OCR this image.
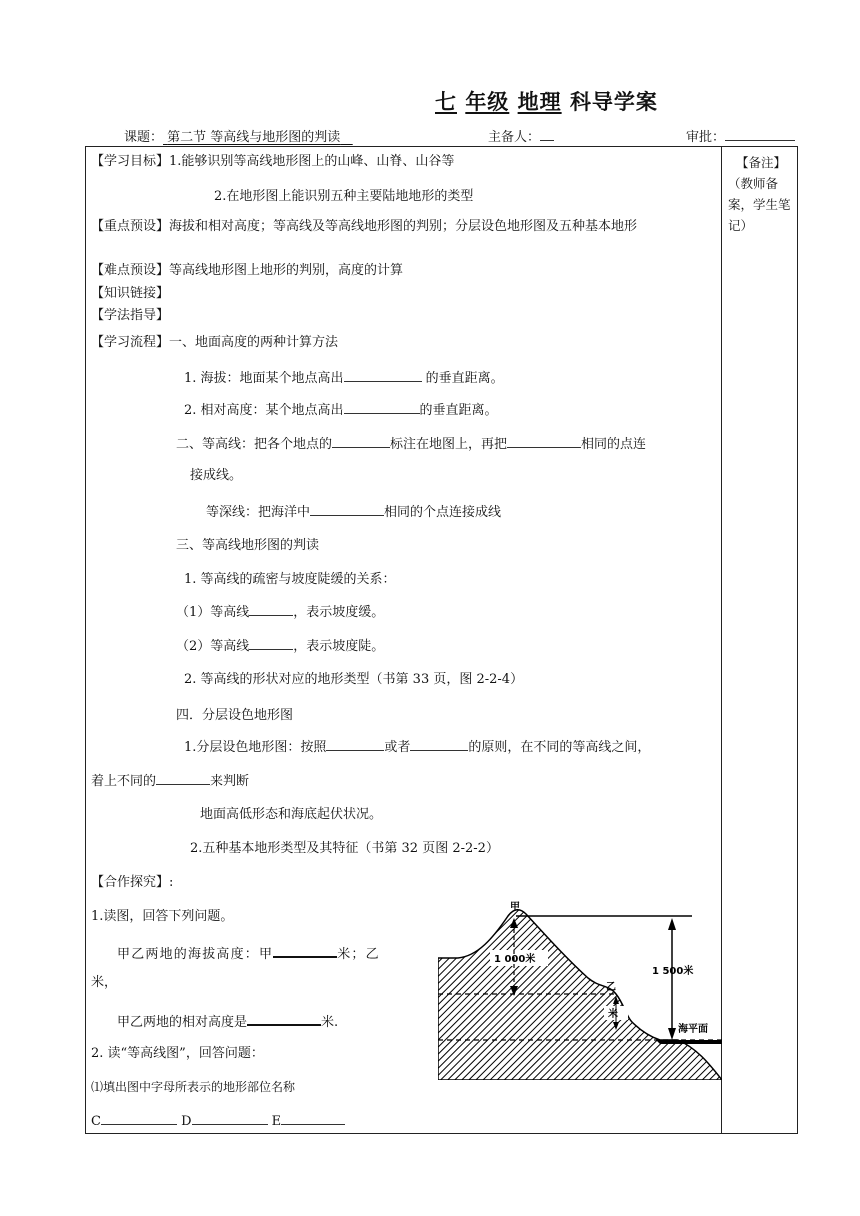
七 年级 地理 科导学案
课题： 第二节 等高线与地形图的判读	主备人：	审批：
【备注】
（教师备案，学生笔记）
【学习目标】1.能够识别等高线地形图上的山峰、山脊、山谷等
2.在地形图上能识别五种主要陆地地形的类型
【重点预设】海拔和相对高度；等高线及等高线地形图的判别；分层设色地形图及五种基本地形
【难点预设】等高线地形图上地形的判别，高度的计算
【知识链接】
【学法指导】
【学习流程】一、地面高度的两种计算方法
1. 海拔：地面某个地点高出	的垂直距离。
2. 相对高度：某个地点高出	的垂直距离。
二、等高线：把各个地点的	标注在地图上，再把	相同的点连
接成线。
等深线：把海洋中	相同的个点连接成线
三、等高线地形图的判读
1. 等高线的疏密与坡度陡缓的关系：
（1）等高线	，表示坡度缓。
（2）等高线	，表示坡度陡。
2. 等高线的形状对应的地形类型（书第 33 页，图 2-2-4）
四．分层设色地形图
1.分层设色地形图：按照	或者	的原则，在不同的等高线之间，
着上不同的	来判断
地面高低形态和海底起伏状况。
2.五种基本地形类型及其特征（书第 32 页图 2-2-2）
【合作探究】:
1.读图，回答下列问题。
甲乙两地的海拔高度：甲	米；乙
米，
甲乙两地的相对高度是	米.
2. 读“等高线图”，回答问题：
⑴填出图中字母所表示的地形部位名称
C	D	E
甲
1 000米
1 500米
乙
米
海平面
